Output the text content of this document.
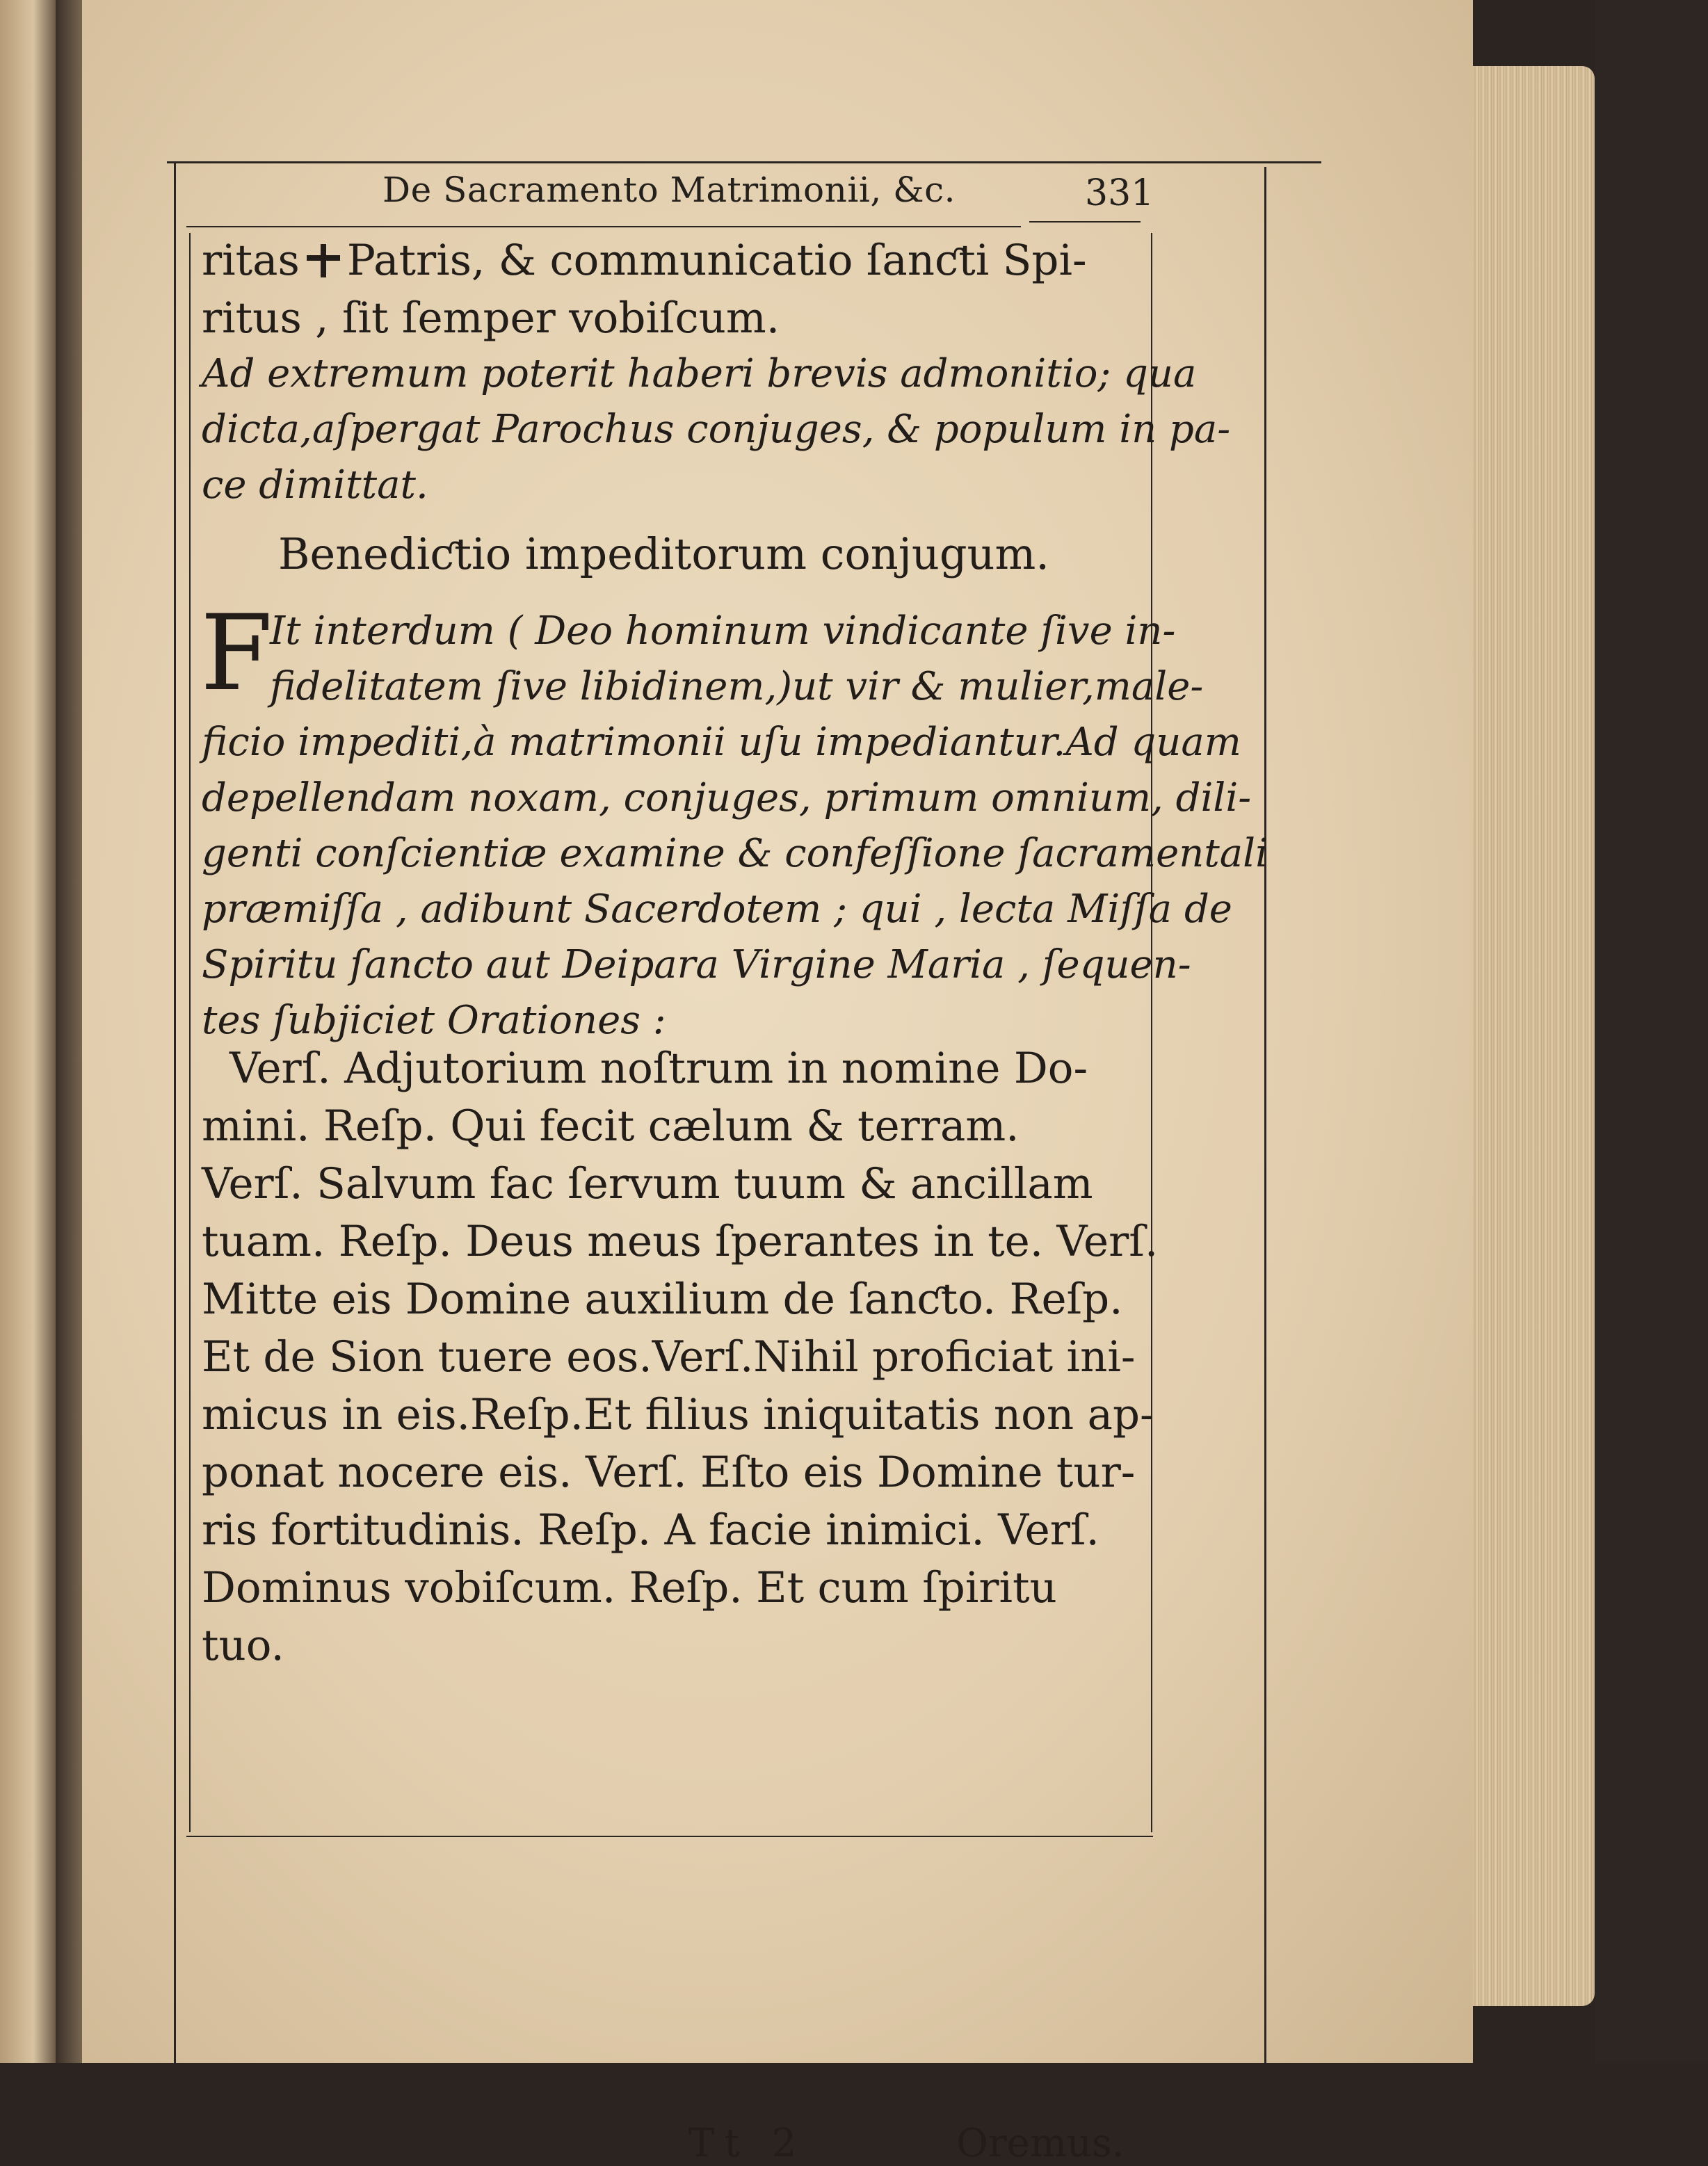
De Sacramento Matrimonii, &c.	331
ritas Patris, & communicatio ſanƈti Spi-
ritus , ſit ſemper vobiſcum.
Ad extremum poterit haberi brevis admonitio; qua
dicta,aſpergat Parochus conjuges, & populum in pa-
ce dimittat.
Benediƈtio impeditorum conjugum.
F
It interdum ( Deo hominum vindicante ſive in-
fidelitatem ſive libidinem,)ut vir & mulier,male-
ficio impediti,à matrimonii uſu impediantur.Ad quam
depellendam noxam, conjuges, primum omnium, dili-
genti conſcientiæ examine & confeſſione ſacramentali
præmiſſa , adibunt Sacerdotem ; qui , lecta Miſſa de
Spiritu ſancto aut Deipara Virgine Maria , ſequen-
tes ſubjiciet Orationes :
Verſ. Adjutorium noſtrum in nomine Do-
mini. Reſp. Qui fecit cælum & terram.
Verſ. Salvum fac ſervum tuum & ancillam
tuam. Reſp. Deus meus ſperantes in te. Verſ.
Mitte eis Domine auxilium de ſanƈto. Reſp.
Et de Sion tuere eos.Verſ.Nihil proficiat ini-
micus in eis.Reſp.Et filius iniquitatis non ap-
ponat nocere eis. Verſ. Eſto eis Domine tur-
ris fortitudinis. Reſp. A facie inimici. Verſ.
Dominus vobiſcum. Reſp. Et cum ſpiritu
tuo.
Tt 2	Oremus.
